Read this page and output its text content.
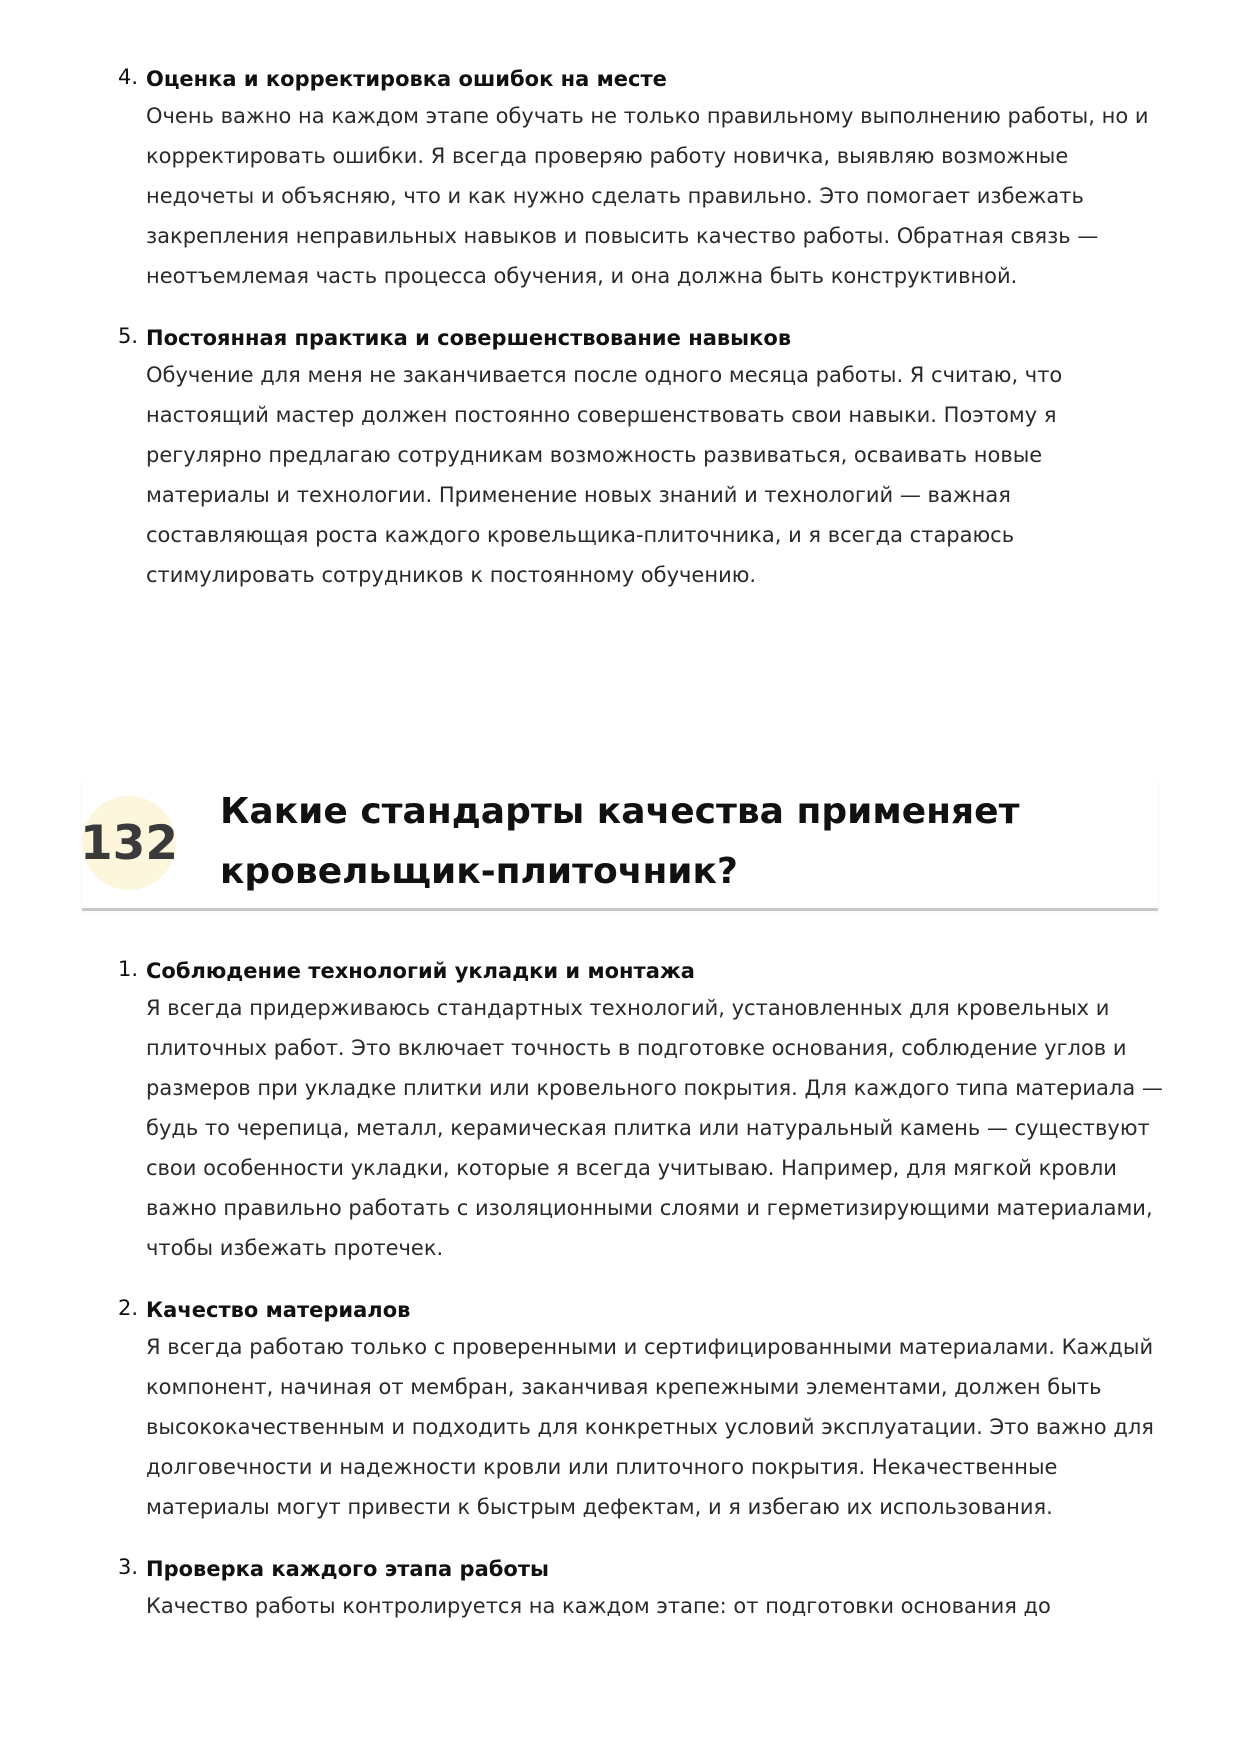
4. Оценка и корректировка ошибок на месте

Очень важно на каждом этапе обучать не только правильному выполнению работы, но и корректировать ошибки. Я всегда проверяю работу новичка, выявляю возможные недочеты и объясняю, что и как нужно сделать правильно. Это помогает избежать закрепления неправильных навыков и повысить качество работы. Обратная связь — неотъемлемая часть процесса обучения, и она должна быть конструктивной.

5. Постоянная практика и совершенствование навыков

Обучение для меня не заканчивается после одного месяца работы. Я считаю, что настоящий мастер должен постоянно совершенствовать свои навыки. Поэтому я регулярно предлагаю сотрудникам возможность развиваться, осваивать новые материалы и технологии. Применение новых знаний и технологий — важная составляющая роста каждого кровельщика-плиточника, и я всегда стараюсь стимулировать сотрудников к постоянному обучению.

132
Какие стандарты качества применяет кровельщик-плиточник?
1. Соблюдение технологий укладки и монтажа

Я всегда придерживаюсь стандартных технологий, установленных для кровельных и плиточных работ. Это включает точность в подготовке основания, соблюдение углов и размеров при укладке плитки или кровельного покрытия. Для каждого типа материала — будь то черепица, металл, керамическая плитка или натуральный камень — существуют свои особенности укладки, которые я всегда учитываю. Например, для мягкой кровли важно правильно работать с изоляционными слоями и герметизирующими материалами, чтобы избежать протечек.

2. Качество материалов

Я всегда работаю только с проверенными и сертифицированными материалами. Каждый компонент, начиная от мембран, заканчивая крепежными элементами, должен быть высококачественным и подходить для конкретных условий эксплуатации. Это важно для долговечности и надежности кровли или плиточного покрытия. Некачественные материалы могут привести к быстрым дефектам, и я избегаю их использования.

3. Проверка каждого этапа работы

Качество работы контролируется на каждом этапе: от подготовки основания до
